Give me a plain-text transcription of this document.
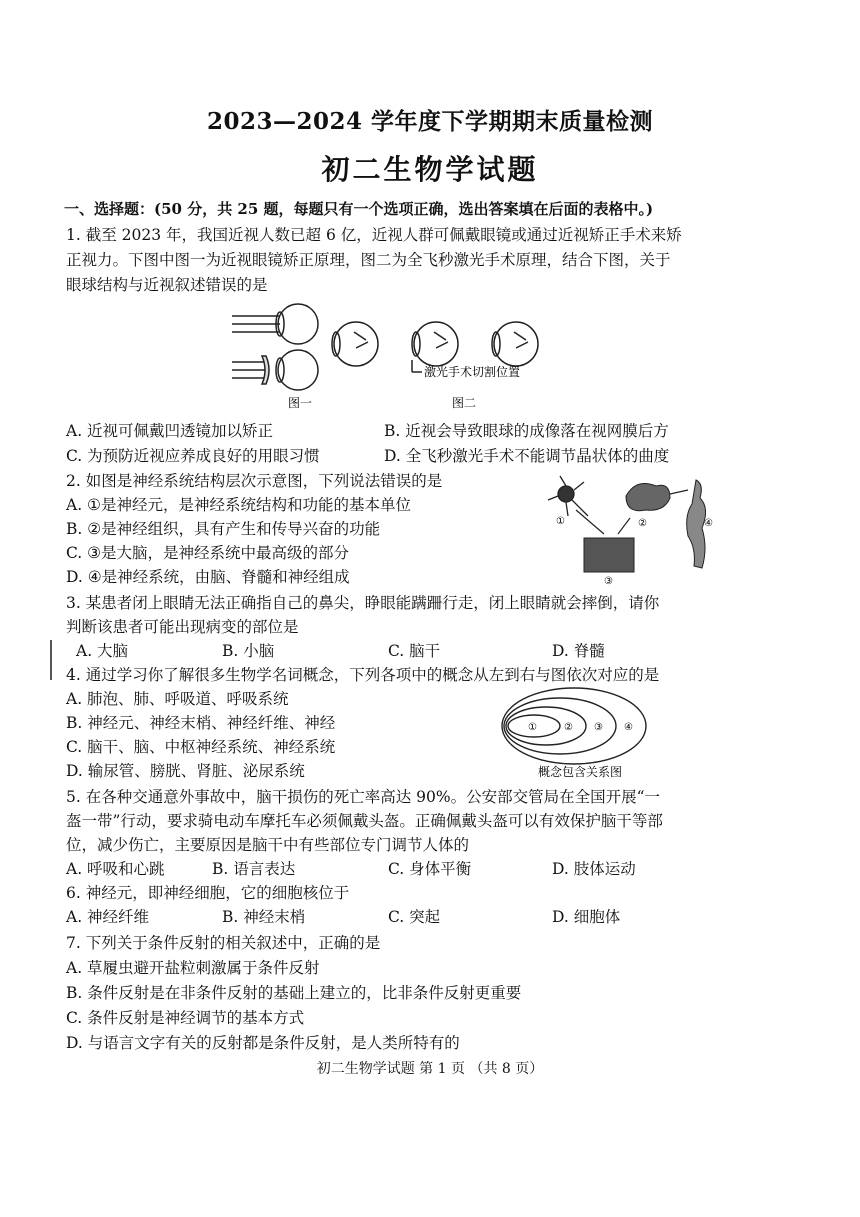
2023—2024 学年度下学期期末质量检测
初二生物学试题
一、选择题：(50 分，共 25 题，每题只有一个选项正确，选出答案填在后面的表格中。)
1. 截至 2023 年，我国近视人数已超 6 亿，近视人群可佩戴眼镜或通过近视矫正手术来矫
正视力。下图中图一为近视眼镜矫正原理，图二为全飞秒激光手术原理，结合下图，关于
眼球结构与近视叙述错误的是
激光手术切割位置
图一	图二
A. 近视可佩戴凹透镜加以矫正	B. 近视会导致眼球的成像落在视网膜后方
C. 为预防近视应养成良好的用眼习惯	D. 全飞秒激光手术不能调节晶状体的曲度
2. 如图是神经系统结构层次示意图，下列说法错误的是
A. ①是神经元，是神经系统结构和功能的基本单位
B. ②是神经组织，具有产生和传导兴奋的功能
C. ③是大脑，是神经系统中最高级的部分
D. ④是神经系统，由脑、脊髓和神经组成
①	②
③
④
3. 某患者闭上眼睛无法正确指自己的鼻尖，睁眼能蹒跚行走，闭上眼睛就会摔倒，请你
判断该患者可能出现病变的部位是
A. 大脑	B. 小脑	C. 脑干	D. 脊髓
4. 通过学习你了解很多生物学名词概念，下列各项中的概念从左到右与图依次对应的是
A. 肺泡、肺、呼吸道、呼吸系统
B. 神经元、神经末梢、神经纤维、神经
C. 脑干、脑、中枢神经系统、神经系统
D. 输尿管、膀胱、肾脏、泌尿系统
①	② ③ ④
概念包含关系图
5. 在各种交通意外事故中，脑干损伤的死亡率高达 90%。公安部交管局在全国开展“一
盔一带”行动，要求骑电动车摩托车必须佩戴头盔。正确佩戴头盔可以有效保护脑干等部
位，减少伤亡，主要原因是脑干中有些部位专门调节人体的
A. 呼吸和心跳	B. 语言表达	C. 身体平衡	D. 肢体运动
6. 神经元，即神经细胞，它的细胞核位于
A. 神经纤维	B. 神经末梢	C. 突起	D. 细胞体
7. 下列关于条件反射的相关叙述中，正确的是
A. 草履虫避开盐粒刺激属于条件反射
B. 条件反射是在非条件反射的基础上建立的，比非条件反射更重要
C. 条件反射是神经调节的基本方式
D. 与语言文字有关的反射都是条件反射，是人类所特有的
初二生物学试题 第 1 页 （共 8 页）
